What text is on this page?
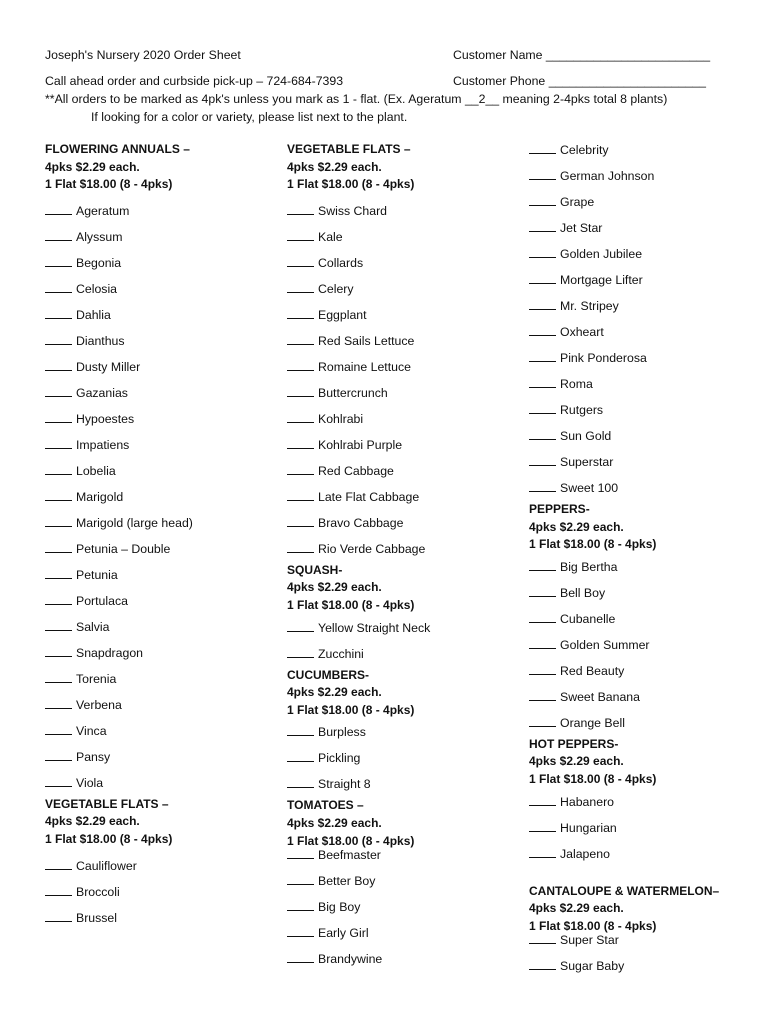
Joseph's Nursery 2020 Order Sheet	Customer Name ________________________
Call ahead order and curbside pick-up – 724-684-7393	Customer Phone _______________________
**All orders to be marked as 4pk's unless you mark as 1 - flat. (Ex. Ageratum __2__ meaning 2-4pks total 8 plants)
If looking for a color or variety, please list next to the plant.
FLOWERING ANNUALS –
4pks $2.29 each.
1 Flat $18.00 (8 - 4pks)
Ageratum
Alyssum
Begonia
Celosia
Dahlia
Dianthus
Dusty Miller
Gazanias
Hypoestes
Impatiens
Lobelia
Marigold
Marigold (large head)
Petunia – Double
Petunia
Portulaca
Salvia
Snapdragon
Torenia
Verbena
Vinca
Pansy
Viola
VEGETABLE FLATS –
4pks $2.29 each.
1 Flat $18.00 (8 - 4pks)
Cauliflower
Broccoli
Brussel
VEGETABLE FLATS –
4pks $2.29 each.
1 Flat $18.00 (8 - 4pks)
Swiss Chard
Kale
Collards
Celery
Eggplant
Red Sails Lettuce
Romaine Lettuce
Buttercrunch
Kohlrabi
Kohlrabi Purple
Red Cabbage
Late Flat Cabbage
Bravo Cabbage
Rio Verde Cabbage
SQUASH-
4pks $2.29 each.
1 Flat $18.00 (8 - 4pks)
Yellow Straight Neck
Zucchini
CUCUMBERS-
4pks $2.29 each.
1 Flat $18.00 (8 - 4pks)
Burpless
Pickling
Straight 8
TOMATOES –
4pks $2.29 each.
1 Flat $18.00 (8 - 4pks)
Beefmaster
Better Boy
Big Boy
Early Girl
Brandywine
Celebrity
German Johnson
Grape
Jet Star
Golden Jubilee
Mortgage Lifter
Mr. Stripey
Oxheart
Pink Ponderosa
Roma
Rutgers
Sun Gold
Superstar
Sweet 100
PEPPERS-
4pks $2.29 each.
1 Flat $18.00 (8 - 4pks)
Big Bertha
Bell Boy
Cubanelle
Golden Summer
Red Beauty
Sweet Banana
Orange Bell
HOT PEPPERS-
4pks $2.29 each.
1 Flat $18.00 (8 - 4pks)
Habanero
Hungarian
Jalapeno
CANTALOUPE & WATERMELON–
4pks $2.29 each.
1 Flat $18.00 (8 - 4pks)
Super Star
Sugar Baby
